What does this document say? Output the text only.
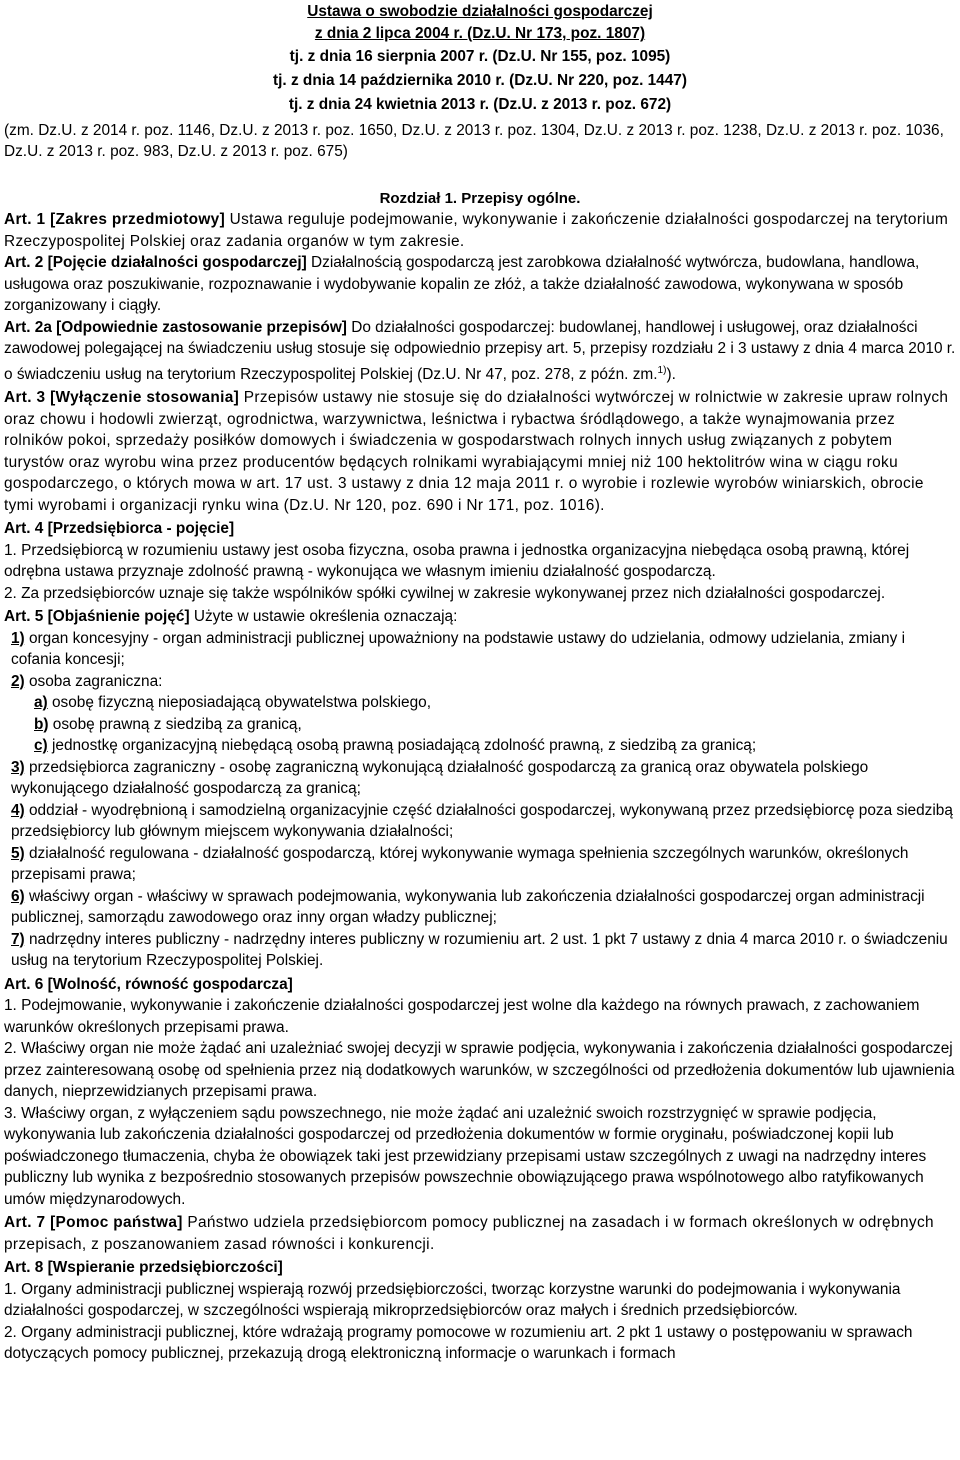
Ustawa o swobodzie działalności gospodarczej
z dnia 2 lipca 2004 r. (Dz.U. Nr 173, poz. 1807)
tj. z dnia 16 sierpnia 2007 r. (Dz.U. Nr 155, poz. 1095)
tj. z dnia 14 października 2010 r. (Dz.U. Nr 220, poz. 1447)
tj. z dnia 24 kwietnia 2013 r. (Dz.U. z 2013 r. poz. 672)
(zm. Dz.U. z 2014 r. poz. 1146, Dz.U. z 2013 r. poz. 1650, Dz.U. z 2013 r. poz. 1304, Dz.U. z 2013 r. poz. 1238, Dz.U. z 2013 r. poz. 1036, Dz.U. z 2013 r. poz. 983, Dz.U. z 2013 r. poz. 675)
Rozdział 1. Przepisy ogólne.

Art. 1 [Zakres przedmiotowy] Ustawa reguluje podejmowanie, wykonywanie i zakończenie działalności gospodarczej na terytorium Rzeczypospolitej Polskiej oraz zadania organów w tym zakresie.

Art. 2 [Pojęcie działalności gospodarczej] Działalnością gospodarczą jest zarobkowa działalność wytwórcza, budowlana, handlowa, usługowa oraz poszukiwanie, rozpoznawanie i wydobywanie kopalin ze złóż, a także działalność zawodowa, wykonywana w sposób zorganizowany i ciągły.

Art. 2a [Odpowiednie zastosowanie przepisów] Do działalności gospodarczej: budowlanej, handlowej i usługowej, oraz działalności zawodowej polegającej na świadczeniu usług stosuje się odpowiednio przepisy art. 5, przepisy rozdziału 2 i 3 ustawy z dnia 4 marca 2010 r. o świadczeniu usług na terytorium Rzeczypospolitej Polskiej (Dz.U. Nr 47, poz. 278, z późn. zm.$^{1)}$).

Art. 3 [Wyłączenie stosowania] Przepisów ustawy nie stosuje się do działalności wytwórczej w rolnictwie w zakresie upraw rolnych oraz chowu i hodowli zwierząt, ogrodnictwa, warzywnictwa, leśnictwa i rybactwa śródlądowego, a także wynajmowania przez rolników pokoi, sprzedaży posiłków domowych i świadczenia w gospodarstwach rolnych innych usług związanych z pobytem turystów oraz wyrobu wina przez producentów będących rolnikami wyrabiającymi mniej niż 100 hektolitrów wina w ciągu roku gospodarczego, o których mowa w art. 17 ust. 3 ustawy z dnia 12 maja 2011 r. o wyrobie i rozlewie wyrobów winiarskich, obrocie tymi wyrobami i organizacji rynku wina (Dz.U. Nr 120, poz. 690 i Nr 171, poz. 1016).

Art. 4 [Przedsiębiorca - pojęcie]

1. Przedsiębiorcą w rozumieniu ustawy jest osoba fizyczna, osoba prawna i jednostka organizacyjna niebędąca osobą prawną, której odrębna ustawa przyznaje zdolność prawną - wykonująca we własnym imieniu działalność gospodarczą.

2. Za przedsiębiorców uznaje się także wspólników spółki cywilnej w zakresie wykonywanej przez nich działalności gospodarczej.

Art. 5 [Objaśnienie pojęć] Użyte w ustawie określenia oznaczają:

1) organ koncesyjny - organ administracji publicznej upoważniony na podstawie ustawy do udzielania, odmowy udzielania, zmiany i cofania koncesji;

2) osoba zagraniczna:

a) osobę fizyczną nieposiadającą obywatelstwa polskiego,

b) osobę prawną z siedzibą za granicą,

c) jednostkę organizacyjną niebędącą osobą prawną posiadającą zdolność prawną, z siedzibą za granicą;

3) przedsiębiorca zagraniczny - osobę zagraniczną wykonującą działalność gospodarczą za granicą oraz obywatela polskiego wykonującego działalność gospodarczą za granicą;

4) oddział - wyodrębnioną i samodzielną organizacyjnie część działalności gospodarczej, wykonywaną przez przedsiębiorcę poza siedzibą przedsiębiorcy lub głównym miejscem wykonywania działalności;

5) działalność regulowana - działalność gospodarczą, której wykonywanie wymaga spełnienia szczególnych warunków, określonych przepisami prawa;

6) właściwy organ - właściwy w sprawach podejmowania, wykonywania lub zakończenia działalności gospodarczej organ administracji publicznej, samorządu zawodowego oraz inny organ władzy publicznej;

7) nadrzędny interes publiczny - nadrzędny interes publiczny w rozumieniu art. 2 ust. 1 pkt 7 ustawy z dnia 4 marca 2010 r. o świadczeniu usług na terytorium Rzeczypospolitej Polskiej.

Art. 6 [Wolność, równość gospodarcza]

1. Podejmowanie, wykonywanie i zakończenie działalności gospodarczej jest wolne dla każdego na równych prawach, z zachowaniem warunków określonych przepisami prawa.

2. Właściwy organ nie może żądać ani uzależniać swojej decyzji w sprawie podjęcia, wykonywania i zakończenia działalności gospodarczej przez zainteresowaną osobę od spełnienia przez nią dodatkowych warunków, w szczególności od przedłożenia dokumentów lub ujawnienia danych, nieprzewidzianych przepisami prawa.

3. Właściwy organ, z wyłączeniem sądu powszechnego, nie może żądać ani uzależnić swoich rozstrzygnięć w sprawie podjęcia, wykonywania lub zakończenia działalności gospodarczej od przedłożenia dokumentów w formie oryginału, poświadczonej kopii lub poświadczonego tłumaczenia, chyba że obowiązek taki jest przewidziany przepisami ustaw szczególnych z uwagi na nadrzędny interes publiczny lub wynika z bezpośrednio stosowanych przepisów powszechnie obowiązującego prawa wspólnotowego albo ratyfikowanych umów międzynarodowych.

Art. 7 [Pomoc państwa] Państwo udziela przedsiębiorcom pomocy publicznej na zasadach i w formach określonych w odrębnych przepisach, z poszanowaniem zasad równości i konkurencji.

Art. 8 [Wspieranie przedsiębiorczości]

1. Organy administracji publicznej wspierają rozwój przedsiębiorczości, tworząc korzystne warunki do podejmowania i wykonywania działalności gospodarczej, w szczególności wspierają mikroprzedsiębiorców oraz małych i średnich przedsiębiorców.

2. Organy administracji publicznej, które wdrażają programy pomocowe w rozumieniu art. 2 pkt 1 ustawy o postępowaniu w sprawach dotyczących pomocy publicznej, przekazują drogą elektroniczną informacje o warunkach i formach
